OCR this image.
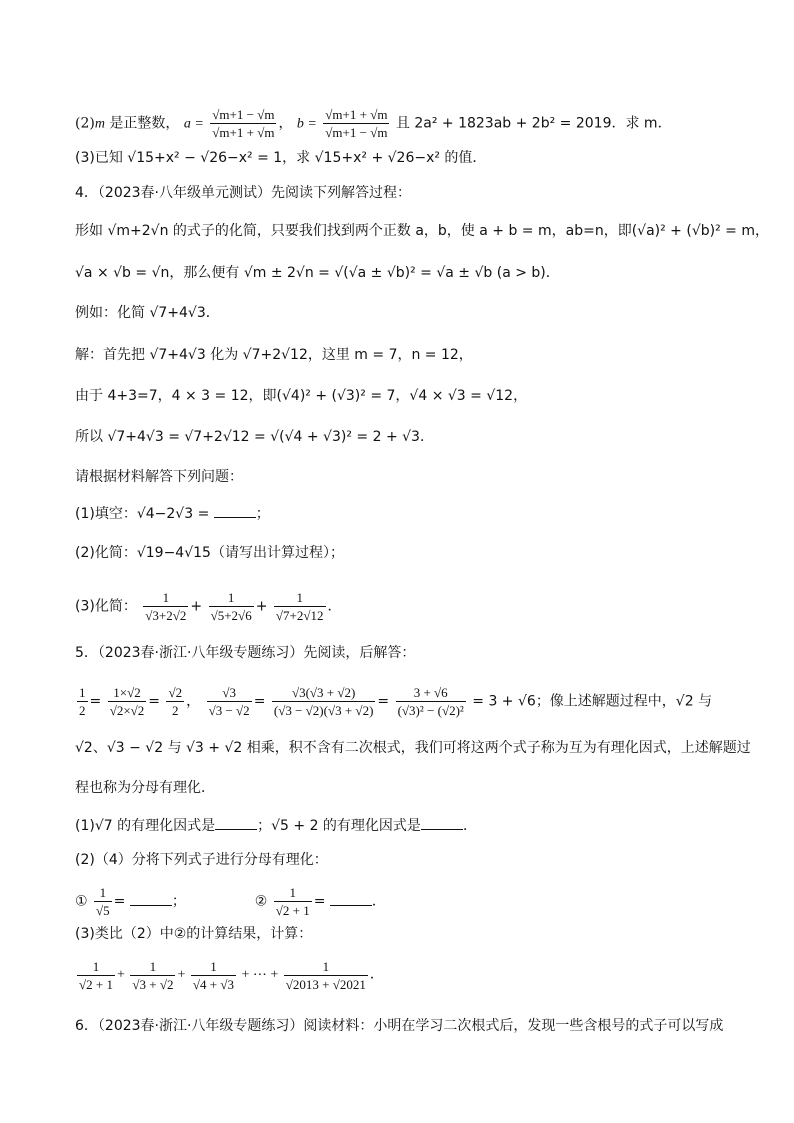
(2)m 是正整数， $a = \frac{√m+1 - √m}{√m+1 + √m}$ ， $b = \frac{√m+1 + √m}{√m+1 - √m}$ 且 2a² + 1823ab + 2b² = 2019．求 m．
(3)已知 √15+x² − √26−x² = 1，求 √15+x² + √26−x² 的值．
4．（2023春·八年级单元测试）先阅读下列解答过程：
形如 √m+2√n 的式子的化简，只要我们找到两个正数 a，b，使 a + b = m，ab=n，即(√a)² + (√b)² = m，
√a × √b = √n，那么便有 √m ± 2√n = √(√a ± √b)² = √a ± √b (a > b)．
例如：化简 √7+4√3．
解：首先把 √7+4√3 化为 √7+2√12，这里 m = 7，n = 12，
由于 4+3=7，4 × 3 = 12，即(√4)² + (√3)² = 7，√4 × √3 = √12，
所以 √7+4√3 = √7+2√12 = √(√4 + √3)² = 2 + √3．
请根据材料解答下列问题：
(1)填空：√4−2√3 =	；
(2)化简：√19−4√15（请写出计算过程）；
(3)化简： $\frac{1}{√3+2√2} + \frac{1}{√5+2√6} + \frac{1}{√7+2√12}$ ．
5．（2023春·浙江·八年级专题练习）先阅读，后解答：
$\frac{1}{2} = \frac{1\times√2}{√2\times√2} = \frac{√2}{2}$ ， $\frac{√3}{√3 - √2} = \frac{√3(√3 + √2)}{(√3 - √2)(√3 + √2)} = \frac{3 + √6}{\text{(√3)² − (√2)²}} = 3 + √6$；像上述解题过程中，√2 与
√2、√3 − √2 与 √3 + √2 相乘，积不含有二次根式，我们可将这两个式子称为互为有理化因式，上述解题过
程也称为分母有理化．
(1)√7 的有理化因式是	；√5 + 2 的有理化因式是	．
(2)（4）分将下列式子进行分母有理化：
① $\frac{1}{√5}$ =	；	② $\frac{1}{√2 + 1}$ =	．
(3)类比（2）中②的计算结果，计算：
$\frac{1}{√2 + 1} + \frac{1}{√3 + √2} + \frac{1}{√4 + √3}$ + ⋯ + $\frac{1}{√2013 + √2021}$ ．
6．（2023春·浙江·八年级专题练习）阅读材料：小明在学习二次根式后，发现一些含根号的式子可以写成
